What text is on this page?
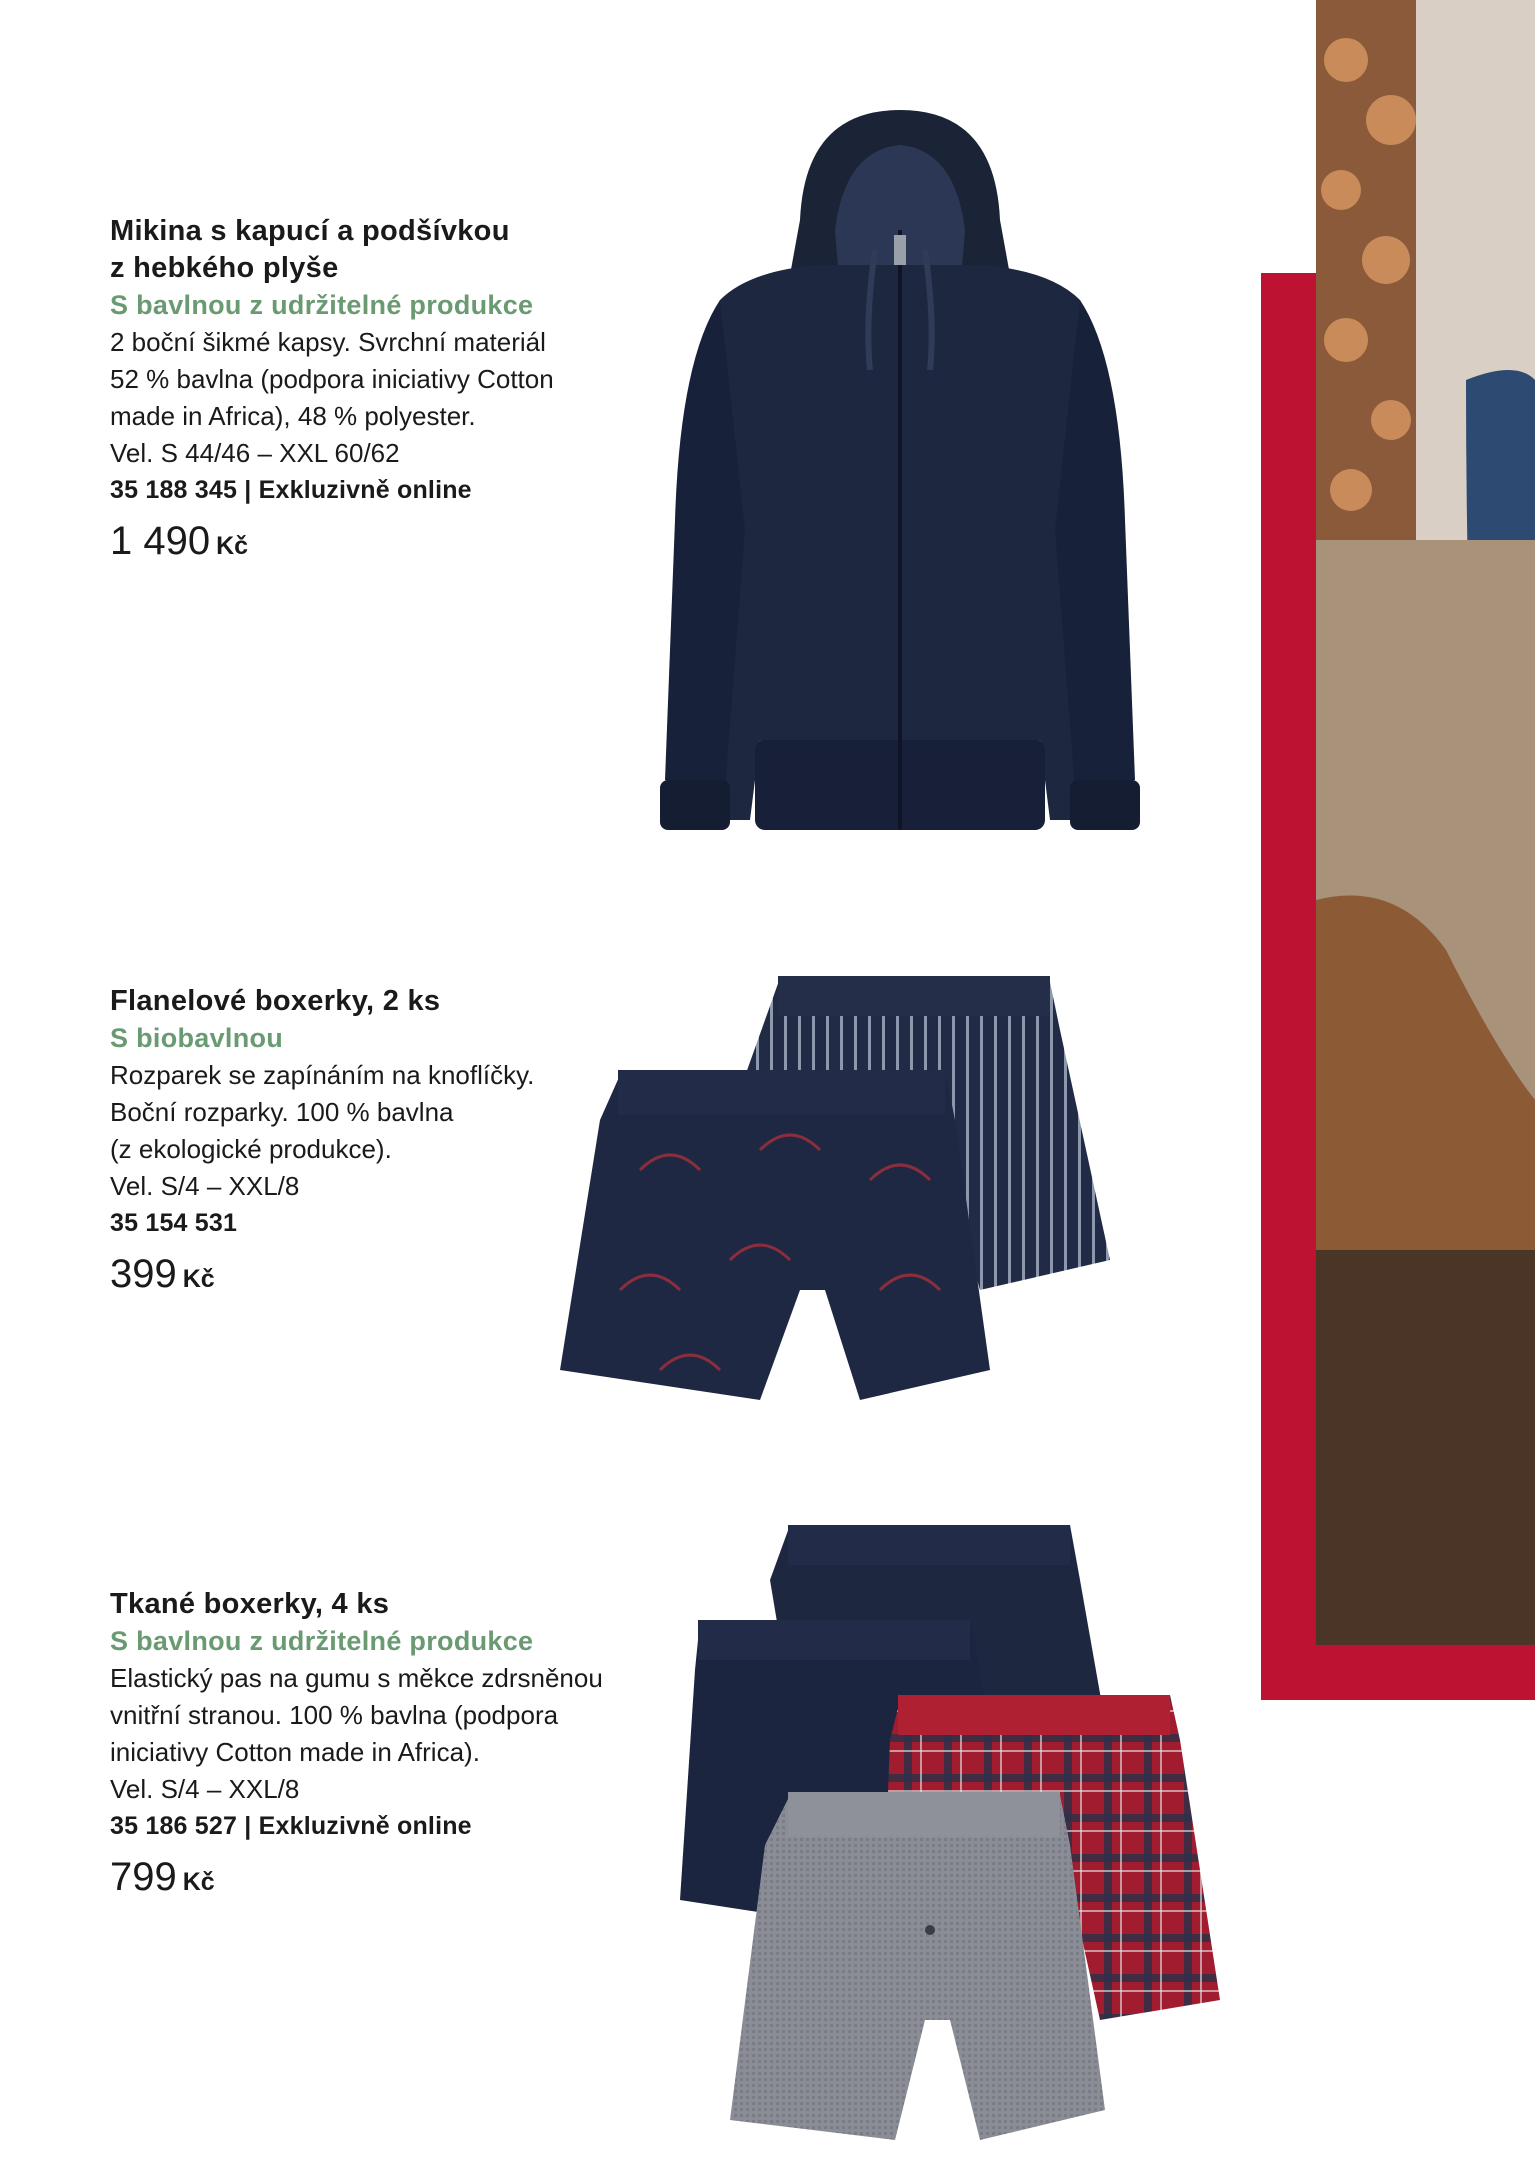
Mikina s kapucí a podšívkou
z hebkého plyše
S bavlnou z udržitelné produkce
2 boční šikmé kapsy. Svrchní materiál
52 % bavlna (podpora iniciativy Cotton
made in Africa), 48 % polyester.
Vel. S 44/46 – XXL 60/62
35 188 345 | Exkluzivně online
1 490 Kč
Flanelové boxerky, 2 ks
S biobavlnou
Rozparek se zapínáním na knoflíčky.
Boční rozparky. 100 % bavlna
(z ekologické produkce).
Vel. S/4 – XXL/8
35 154 531
399 Kč
Tkané boxerky, 4 ks
S bavlnou z udržitelné produkce
Elastický pas na gumu s měkce zdrsněnou
vnitřní stranou. 100 % bavlna (podpora
iniciativy Cotton made in Africa).
Vel. S/4 – XXL/8
35 186 527 | Exkluzivně online
799 Kč
